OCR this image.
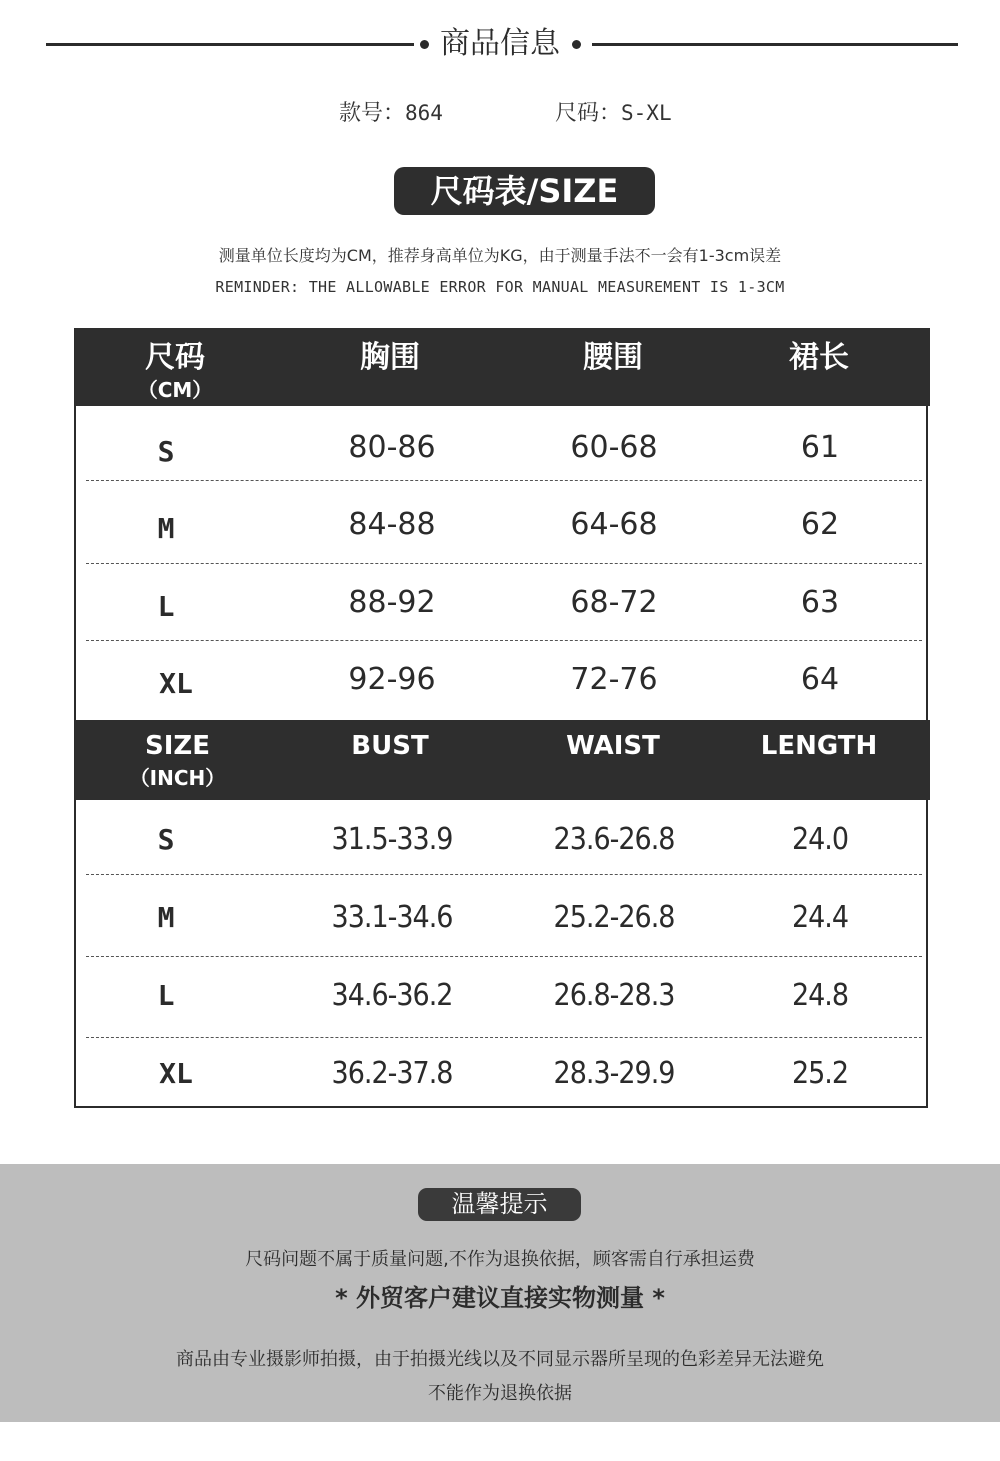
商品信息
款号：864	尺码：S-XL
尺码表/SIZE
测量单位长度均为CM，推荐身高单位为KG，由于测量手法不一会有1-3cm误差
REMINDER: THE ALLOWABLE ERROR FOR MANUAL MEASUREMENT IS 1-3CM
尺码
（CM）
胸围	腰围	裙长
S	80-86	60-68	61
M	84-88	64-68	62
L	88-92	68-72	63
XL	92-96	72-76	64
SIZE
（INCH）
BUST	WAIST	LENGTH
S	31.5-33.9	23.6-26.8	24.0
M	33.1-34.6	25.2-26.8	24.4
L	34.6-36.2	26.8-28.3	24.8
XL	36.2-37.8	28.3-29.9	25.2
温馨提示
尺码问题不属于质量问题,不作为退换依据，顾客需自行承担运费
* 外贸客户建议直接实物测量 *
商品由专业摄影师拍摄，由于拍摄光线以及不同显示器所呈现的色彩差异无法避免
不能作为退换依据
